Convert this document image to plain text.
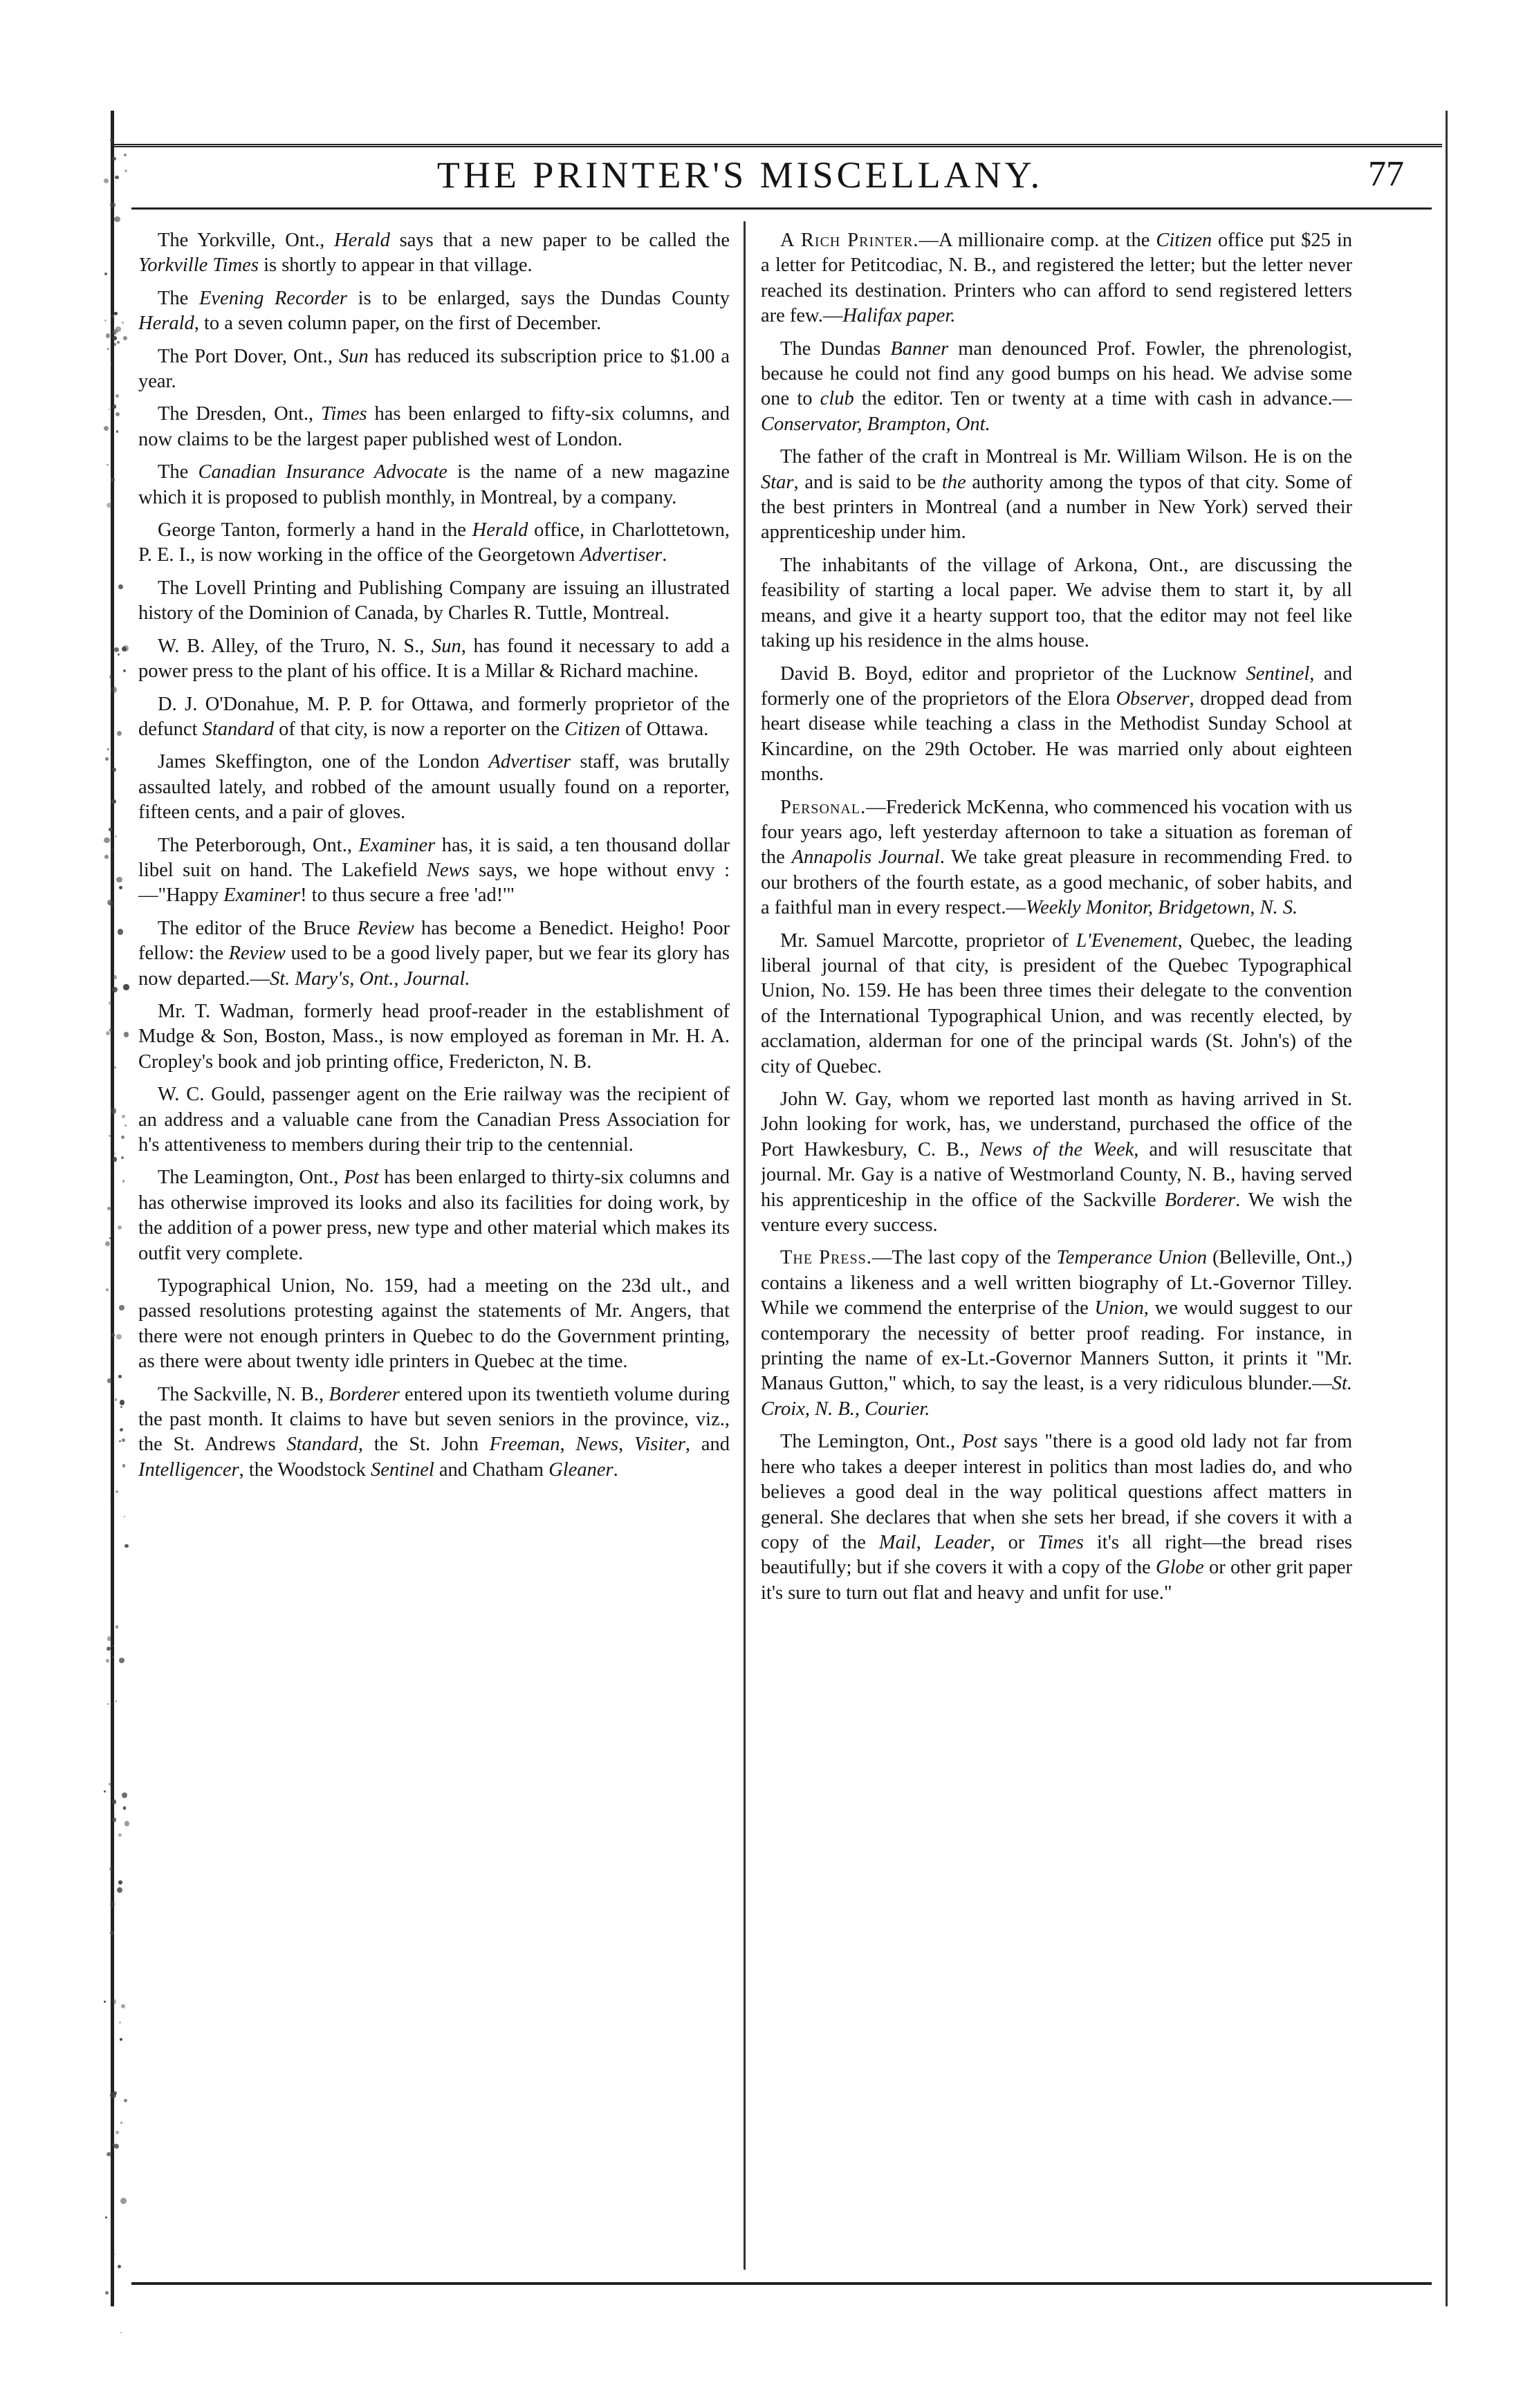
THE PRINTER'S MISCELLANY.	77

The Yorkville, Ont., Herald says that a new paper to be called the Yorkville Times is shortly to appear in that village.

The Evening Recorder is to be enlarged, says the Dundas County Herald, to a seven column paper, on the first of December.

The Port Dover, Ont., Sun has reduced its subscription price to $1.00 a year.

The Dresden, Ont., Times has been enlarged to fifty-six columns, and now claims to be the largest paper published west of London.

The Canadian Insurance Advocate is the name of a new magazine which it is proposed to publish monthly, in Montreal, by a company.

George Tanton, formerly a hand in the Herald office, in Charlottetown, P. E. I., is now working in the office of the Georgetown Advertiser.

The Lovell Printing and Publishing Company are issuing an illustrated history of the Dominion of Canada, by Charles R. Tuttle, Montreal.

W. B. Alley, of the Truro, N. S., Sun, has found it necessary to add a power press to the plant of his office. It is a Millar & Richard machine.

D. J. O'Donahue, M. P. P. for Ottawa, and formerly proprietor of the defunct Standard of that city, is now a reporter on the Citizen of Ottawa.

James Skeffington, one of the London Advertiser staff, was brutally assaulted lately, and robbed of the amount usually found on a reporter, fifteen cents, and a pair of gloves.

The Peterborough, Ont., Examiner has, it is said, a ten thousand dollar libel suit on hand. The Lakefield News says, we hope without envy :—"Happy Examiner! to thus secure a free 'ad!'"

The editor of the Bruce Review has become a Benedict. Heigho! Poor fellow: the Review used to be a good lively paper, but we fear its glory has now departed.—St. Mary's, Ont., Journal.

Mr. T. Wadman, formerly head proof-reader in the establishment of Mudge & Son, Boston, Mass., is now employed as foreman in Mr. H. A. Cropley's book and job printing office, Fredericton, N. B.

W. C. Gould, passenger agent on the Erie railway was the recipient of an address and a valuable cane from the Canadian Press Association for h's attentiveness to members during their trip to the centennial.

The Leamington, Ont., Post has been enlarged to thirty-six columns and has otherwise improved its looks and also its facilities for doing work, by the addition of a power press, new type and other material which makes its outfit very complete.

Typographical Union, No. 159, had a meeting on the 23d ult., and passed resolutions protesting against the statements of Mr. Angers, that there were not enough printers in Quebec to do the Government printing, as there were about twenty idle printers in Quebec at the time.

The Sackville, N. B., Borderer entered upon its twentieth volume during the past month. It claims to have but seven seniors in the province, viz., the St. Andrews Standard, the St. John Freeman, News, Visiter, and Intelligencer, the Woodstock Sentinel and Chatham Gleaner.

A Rich Printer.—A millionaire comp. at the Citizen office put $25 in a letter for Petitcodiac, N. B., and registered the letter; but the letter never reached its destination. Printers who can afford to send registered letters are few.—Halifax paper.

The Dundas Banner man denounced Prof. Fowler, the phrenologist, because he could not find any good bumps on his head. We advise some one to club the editor. Ten or twenty at a time with cash in advance.—Conservator, Brampton, Ont.

The father of the craft in Montreal is Mr. William Wilson. He is on the Star, and is said to be the authority among the typos of that city. Some of the best printers in Montreal (and a number in New York) served their apprenticeship under him.

The inhabitants of the village of Arkona, Ont., are discussing the feasibility of starting a local paper. We advise them to start it, by all means, and give it a hearty support too, that the editor may not feel like taking up his residence in the alms house.

David B. Boyd, editor and proprietor of the Lucknow Sentinel, and formerly one of the proprietors of the Elora Observer, dropped dead from heart disease while teaching a class in the Methodist Sunday School at Kincardine, on the 29th October. He was married only about eighteen months.

Personal.—Frederick McKenna, who commenced his vocation with us four years ago, left yesterday afternoon to take a situation as foreman of the Annapolis Journal. We take great pleasure in recommending Fred. to our brothers of the fourth estate, as a good mechanic, of sober habits, and a faithful man in every respect.—Weekly Monitor, Bridgetown, N. S.

Mr. Samuel Marcotte, proprietor of L'Evenement, Quebec, the leading liberal journal of that city, is president of the Quebec Typographical Union, No. 159. He has been three times their delegate to the convention of the International Typographical Union, and was recently elected, by acclamation, alderman for one of the principal wards (St. John's) of the city of Quebec.

John W. Gay, whom we reported last month as having arrived in St. John looking for work, has, we understand, purchased the office of the Port Hawkesbury, C. B., News of the Week, and will resuscitate that journal. Mr. Gay is a native of Westmorland County, N. B., having served his apprenticeship in the office of the Sackville Borderer. We wish the venture every success.

The Press.—The last copy of the Temperance Union (Belleville, Ont.,) contains a likeness and a well written biography of Lt.-Governor Tilley. While we commend the enterprise of the Union, we would suggest to our contemporary the necessity of better proof reading. For instance, in printing the name of ex-Lt.-Governor Manners Sutton, it prints it "Mr. Manaus Gutton," which, to say the least, is a very ridiculous blunder.—St. Croix, N. B., Courier.

The Lemington, Ont., Post says "there is a good old lady not far from here who takes a deeper interest in politics than most ladies do, and who believes a good deal in the way political questions affect matters in general. She declares that when she sets her bread, if she covers it with a copy of the Mail, Leader, or Times it's all right—the bread rises beautifully; but if she covers it with a copy of the Globe or other grit paper it's sure to turn out flat and heavy and unfit for use."
